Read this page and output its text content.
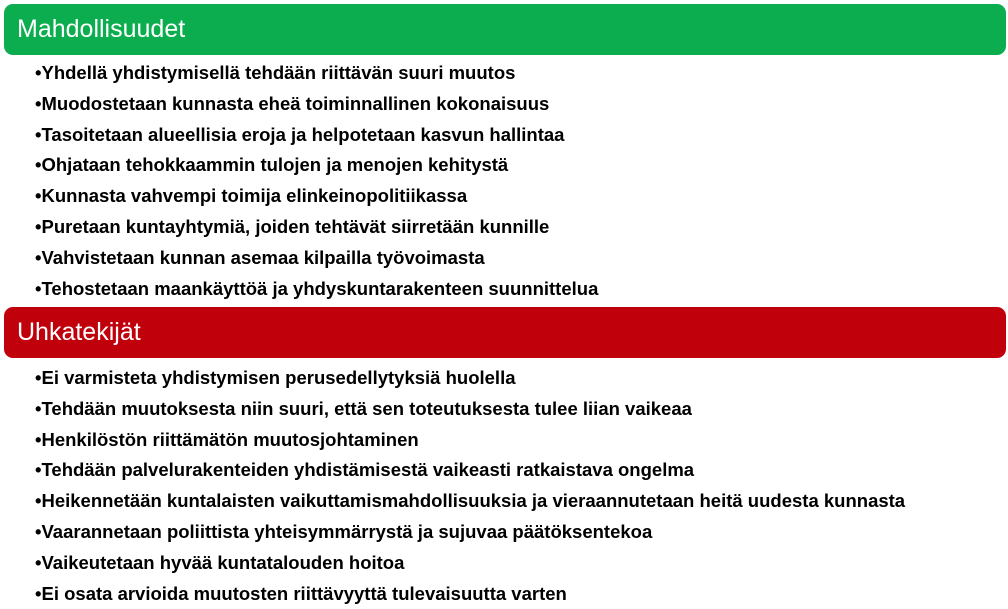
Mahdollisuudet
•Yhdellä yhdistymisellä tehdään riittävän suuri muutos
•Muodostetaan kunnasta eheä toiminnallinen kokonaisuus
•Tasoitetaan alueellisia eroja ja helpotetaan kasvun hallintaa
•Ohjataan tehokkaammin tulojen ja menojen kehitystä
•Kunnasta vahvempi toimija elinkeinopolitiikassa
•Puretaan kuntayhtymiä, joiden tehtävät siirretään kunnille
•Vahvistetaan kunnan asemaa kilpailla työvoimasta
•Tehostetaan maankäyttöä ja yhdyskuntarakenteen suunnittelua
Uhkatekijät
•Ei varmisteta yhdistymisen perusedellytyksiä huolella
•Tehdään muutoksesta niin suuri, että sen toteutuksesta tulee liian vaikeaa
•Henkilöstön riittämätön muutosjohtaminen
•Tehdään palvelurakenteiden yhdistämisestä vaikeasti ratkaistava ongelma
•Heikennetään kuntalaisten vaikuttamismahdollisuuksia ja vieraannutetaan heitä uudesta kunnasta
•Vaarannetaan poliittista yhteisymmärrystä ja sujuvaa päätöksentekoa
•Vaikeutetaan hyvää kuntatalouden hoitoa
•Ei osata arvioida muutosten riittävyyttä tulevaisuutta varten
